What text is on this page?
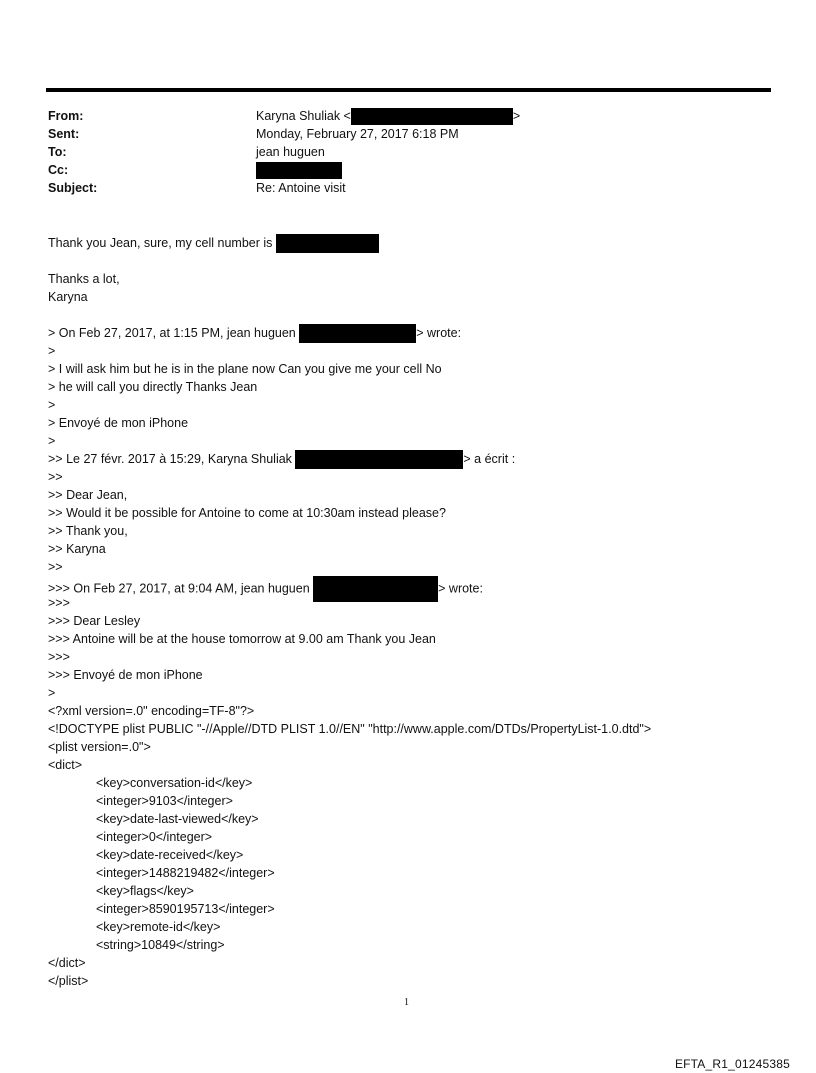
From:	Karyna Shuliak <	>
Sent:	Monday, February 27, 2017 6:18 PM
To:	jean huguen
Cc:
Subject:	Re: Antoine visit
Thank you Jean, sure, my cell number is
Thanks a lot,
Karyna
> On Feb 27, 2017, at 1:15 PM, jean huguen	> wrote:
>
> I will ask him but he is in the plane now Can you give me your cell No
> he will call you directly Thanks Jean
>
> Envoyé de mon iPhone
>
>> Le 27 févr. 2017 à 15:29, Karyna Shuliak	> a écrit :
>>
>> Dear Jean,
>> Would it be possible for Antoine to come at 10:30am instead please?
>> Thank you,
>> Karyna
>>
>>> On Feb 27, 2017, at 9:04 AM, jean huguen	> wrote:
>>>
>>> Dear Lesley
>>> Antoine will be at the house tomorrow at 9.00 am Thank you Jean
>>>
>>> Envoyé de mon iPhone
>
<?xml version=.0" encoding=TF-8"?>
<!DOCTYPE plist PUBLIC "-//Apple//DTD PLIST 1.0//EN" "http://www.apple.com/DTDs/PropertyList-1.0.dtd">
<plist version=.0">
<dict>
<key>conversation-id</key>
<integer>9103</integer>
<key>date-last-viewed</key>
<integer>0</integer>
<key>date-received</key>
<integer>1488219482</integer>
<key>flags</key>
<integer>8590195713</integer>
<key>remote-id</key>
<string>10849</string>
</dict>
</plist>
1
EFTA_R1_01245385
